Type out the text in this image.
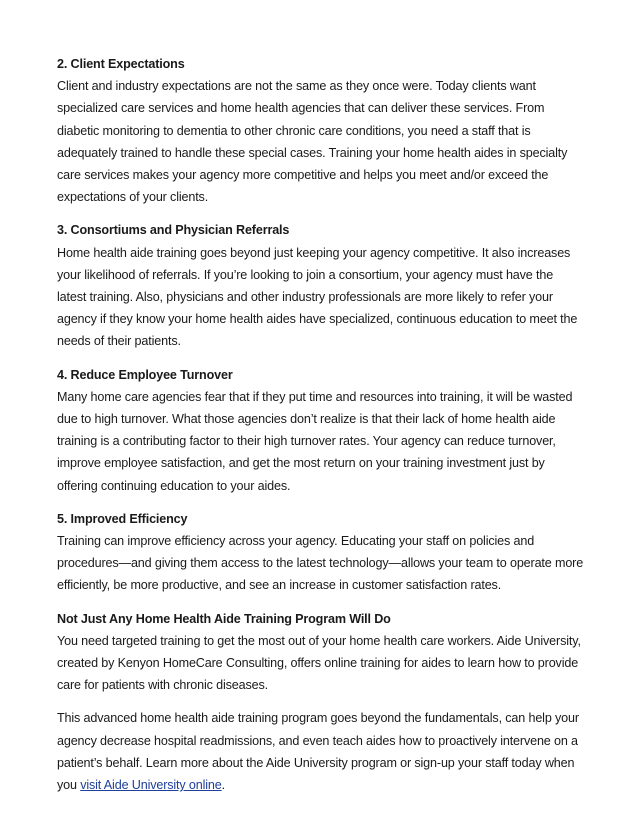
2. Client Expectations
Client and industry expectations are not the same as they once were. Today clients want specialized care services and home health agencies that can deliver these services. From diabetic monitoring to dementia to other chronic care conditions, you need a staff that is adequately trained to handle these special cases. Training your home health aides in specialty care services makes your agency more competitive and helps you meet and/or exceed the expectations of your clients.
3. Consortiums and Physician Referrals
Home health aide training goes beyond just keeping your agency competitive. It also increases your likelihood of referrals. If you’re looking to join a consortium, your agency must have the latest training. Also, physicians and other industry professionals are more likely to refer your agency if they know your home health aides have specialized, continuous education to meet the needs of their patients.
4. Reduce Employee Turnover
Many home care agencies fear that if they put time and resources into training, it will be wasted due to high turnover. What those agencies don’t realize is that their lack of home health aide training is a contributing factor to their high turnover rates. Your agency can reduce turnover, improve employee satisfaction, and get the most return on your training investment just by offering continuing education to your aides.
5. Improved Efficiency
Training can improve efficiency across your agency. Educating your staff on policies and procedures—and giving them access to the latest technology—allows your team to operate more efficiently, be more productive, and see an increase in customer satisfaction rates.
Not Just Any Home Health Aide Training Program Will Do
You need targeted training to get the most out of your home health care workers. Aide University, created by Kenyon HomeCare Consulting, offers online training for aides to learn how to provide care for patients with chronic diseases.
This advanced home health aide training program goes beyond the fundamentals, can help your agency decrease hospital readmissions, and even teach aides how to proactively intervene on a patient’s behalf. Learn more about the Aide University program or sign-up your staff today when you visit Aide University online.
